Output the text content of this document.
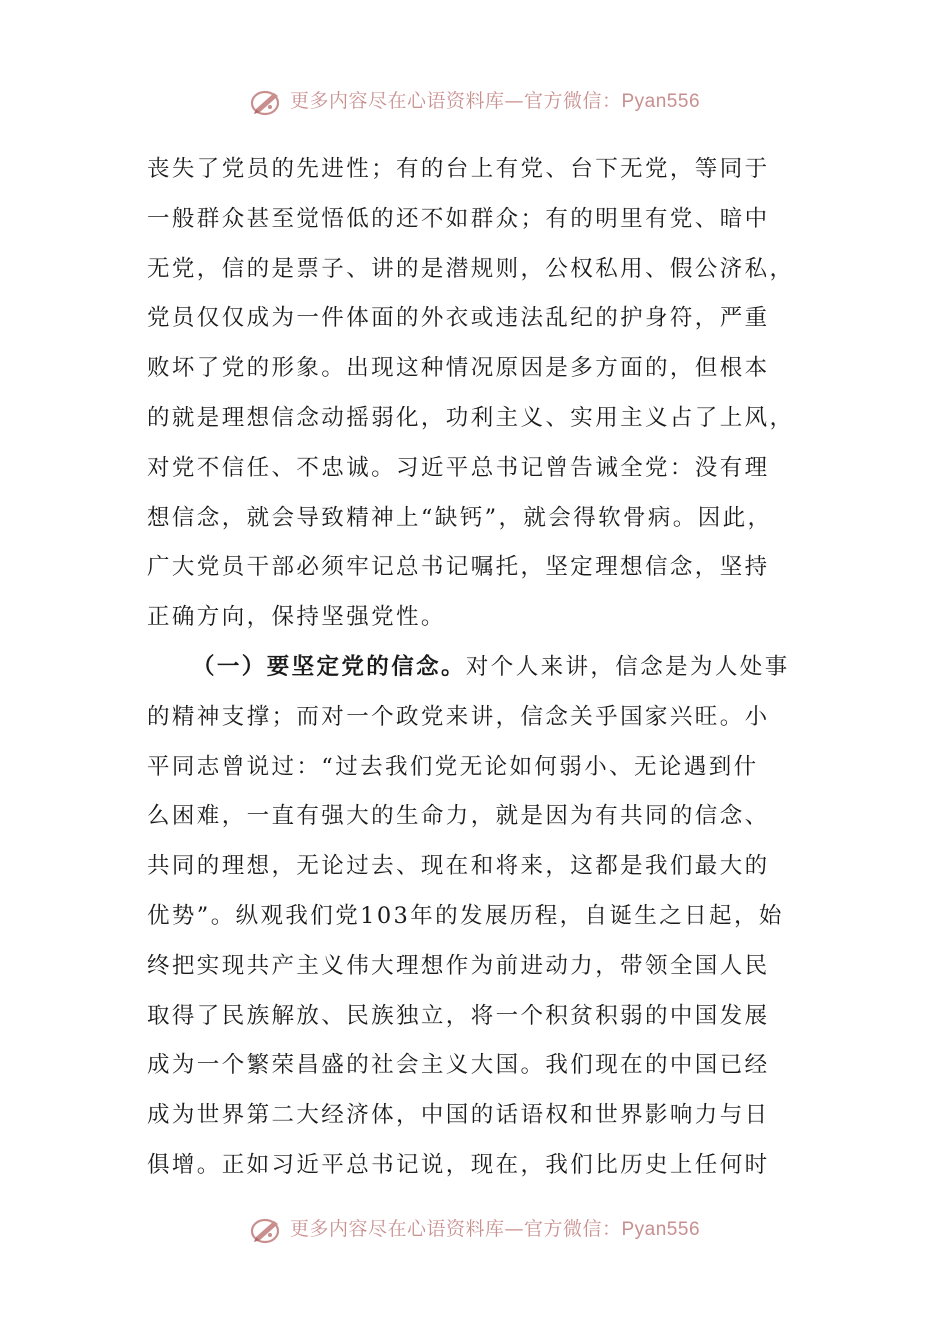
更多内容尽在心语资料库—官方微信：Pyan556
丧失了党员的先进性；有的台上有党、台下无党，等同于
一般群众甚至觉悟低的还不如群众；有的明里有党、暗中
无党，信的是票子、讲的是潜规则，公权私用、假公济私，
党员仅仅成为一件体面的外衣或违法乱纪的护身符，严重
败坏了党的形象。出现这种情况原因是多方面的，但根本
的就是理想信念动摇弱化，功利主义、实用主义占了上风，
对党不信任、不忠诚。习近平总书记曾告诫全党：没有理
想信念，就会导致精神上“缺钙”，就会得软骨病。因此，
广大党员干部必须牢记总书记嘱托，坚定理想信念，坚持
正确方向，保持坚强党性。
（一）要坚定党的信念。对个人来讲，信念是为人处事
的精神支撑；而对一个政党来讲，信念关乎国家兴旺。小
平同志曾说过：“过去我们党无论如何弱小、无论遇到什
么困难，一直有强大的生命力，就是因为有共同的信念、
共同的理想，无论过去、现在和将来，这都是我们最大的
优势”。纵观我们党103年的发展历程，自诞生之日起，始
终把实现共产主义伟大理想作为前进动力，带领全国人民
取得了民族解放、民族独立，将一个积贫积弱的中国发展
成为一个繁荣昌盛的社会主义大国。我们现在的中国已经
成为世界第二大经济体，中国的话语权和世界影响力与日
俱增。正如习近平总书记说，现在，我们比历史上任何时
更多内容尽在心语资料库—官方微信：Pyan556
